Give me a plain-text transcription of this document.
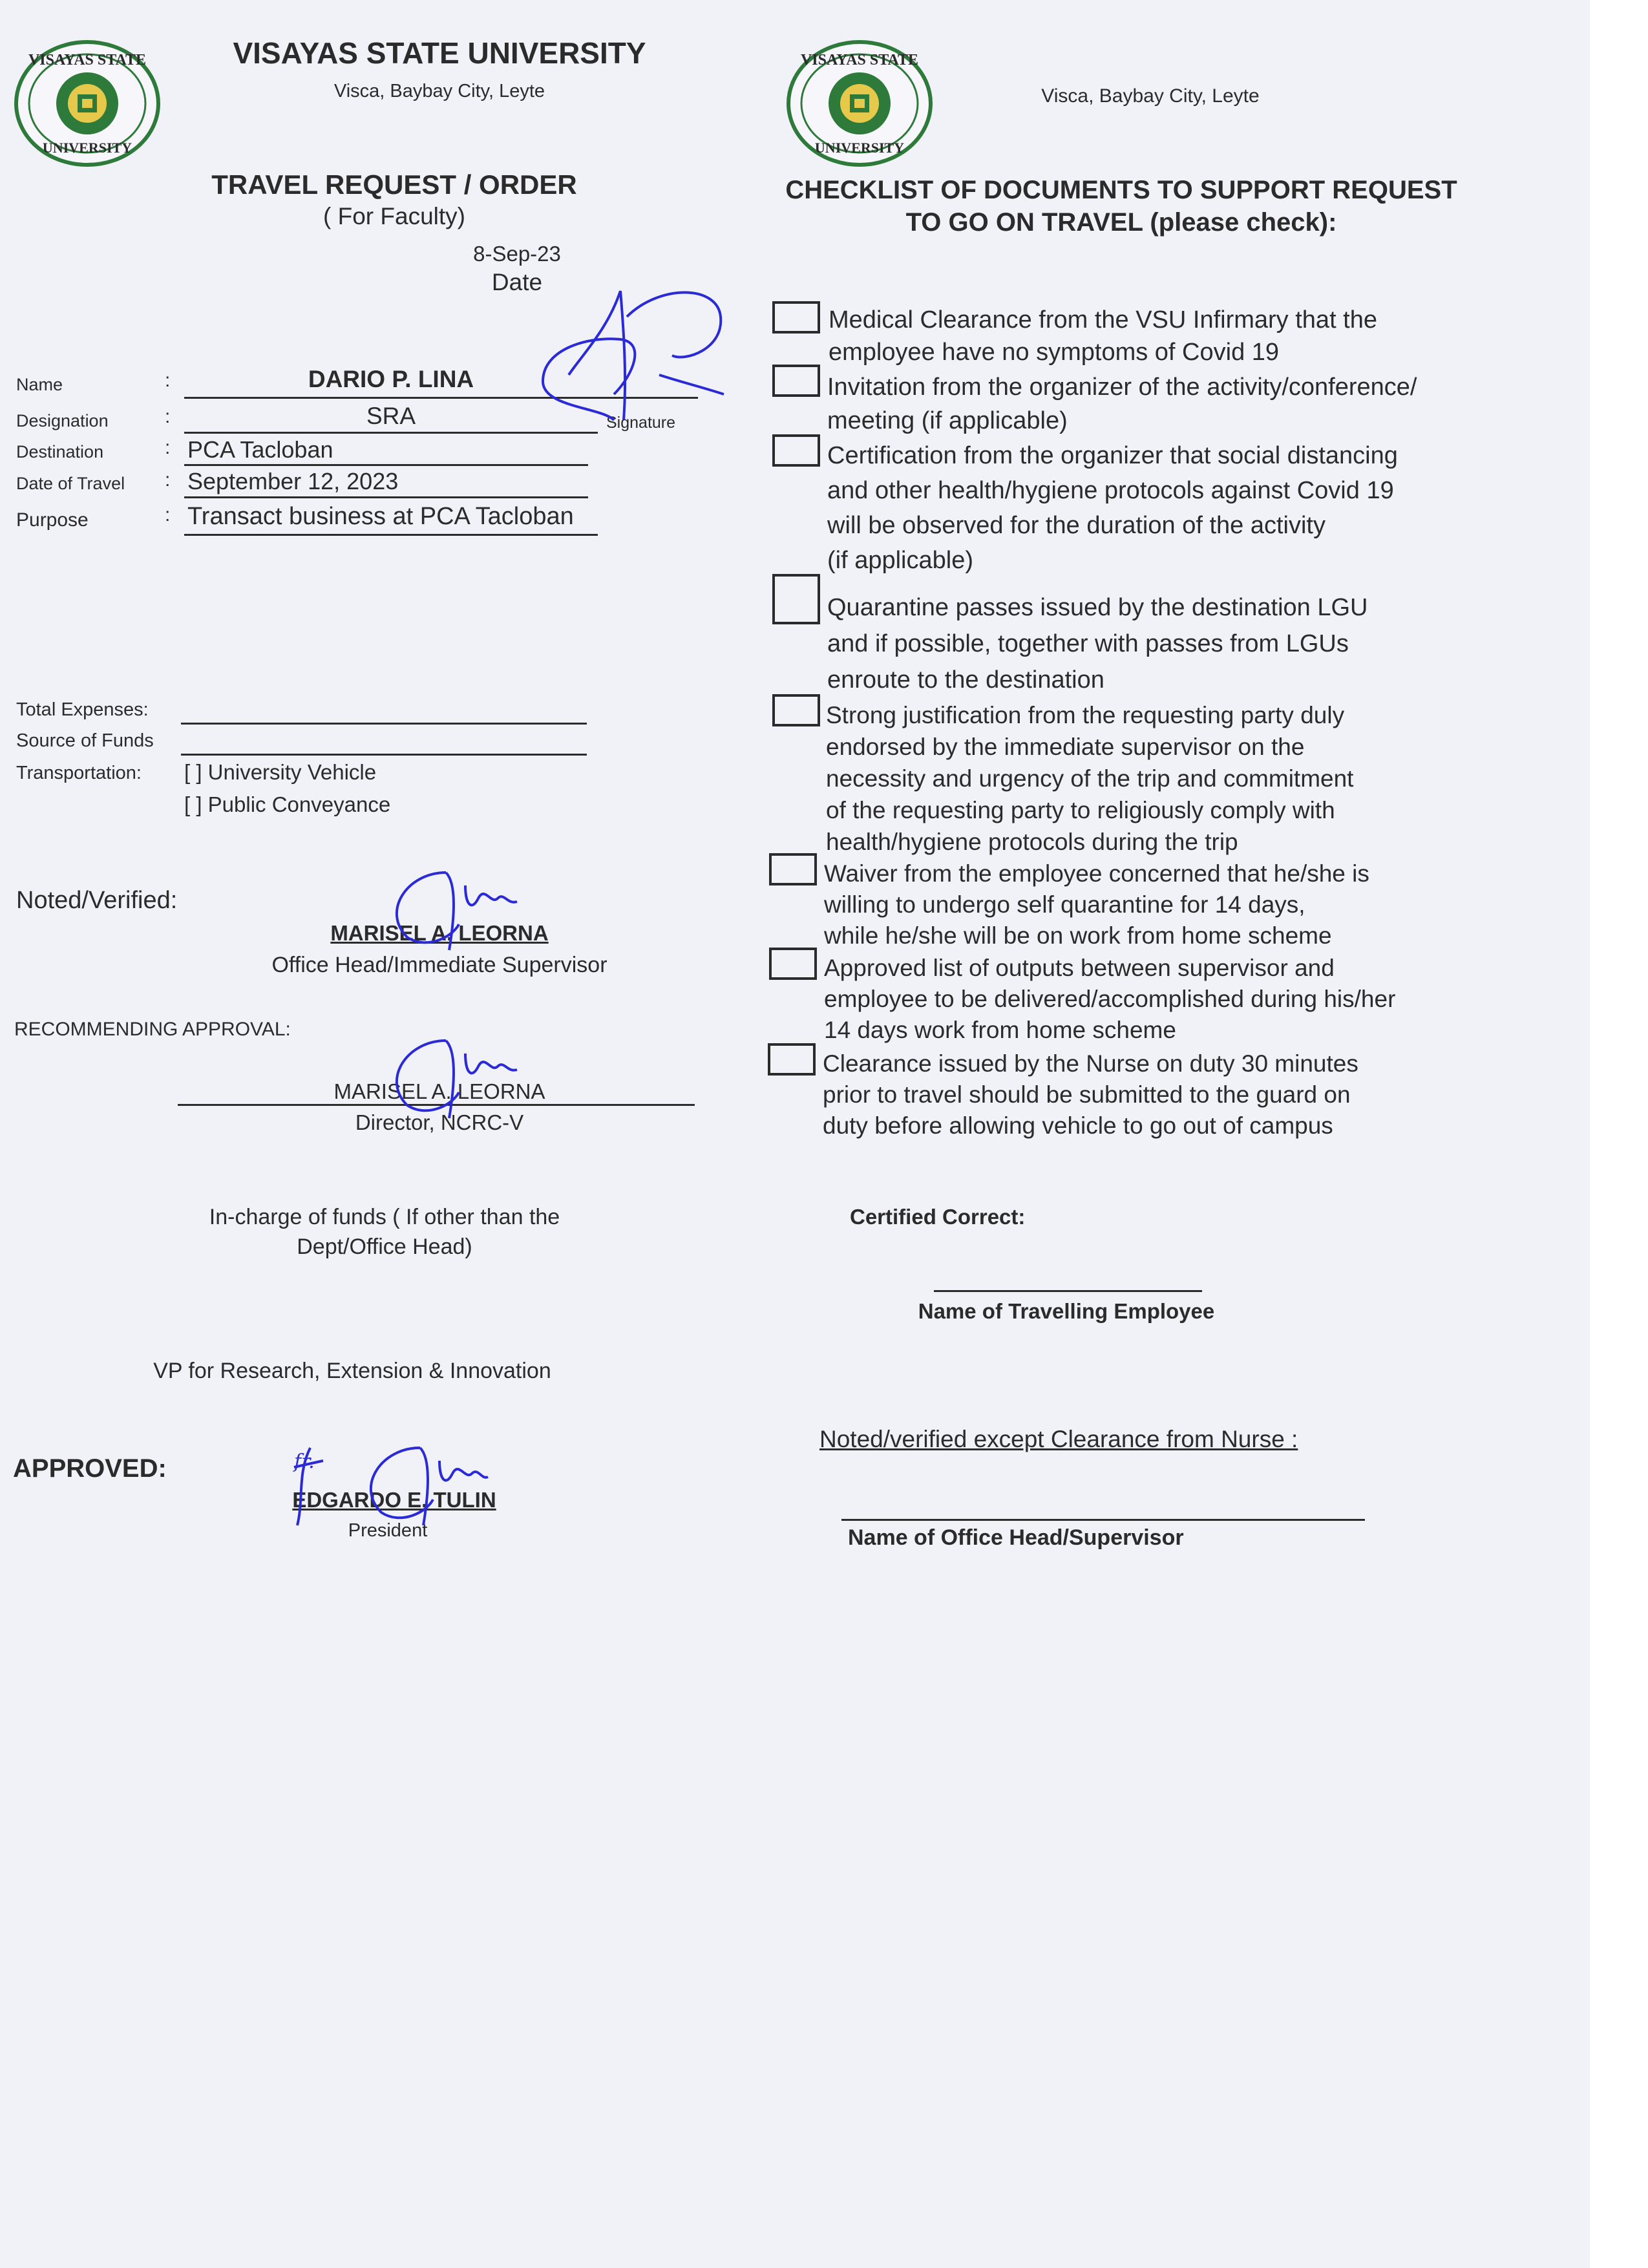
VISAYAS STATE
UNIVERSITY
VISAYAS STATE UNIVERSITY
Visca, Baybay City, Leyte
TRAVEL REQUEST / ORDER
( For Faculty)
8-Sep-23
Date
Name
Designation
Destination
Date of Travel
Purpose
:
:
:
:
:
DARIO P. LINA
SRA
PCA Tacloban
September 12, 2023
Transact business at PCA Tacloban
Signature
Total Expenses:
Source of Funds
Transportation: [ ] University Vehicle
[ ] Public Conveyance
Noted/Verified:
MARISEL A. LEORNA
Office Head/Immediate Supervisor
RECOMMENDING APPROVAL:
MARISEL A. LEORNA
Director, NCRC-V
In-charge of funds ( If other than the
Dept/Office Head)
VP for Research, Extension & Innovation
APPROVED:
EDGARDO E. TULIN
President
VISAYAS STATE
UNIVERSITY
Visca, Baybay City, Leyte
CHECKLIST OF DOCUMENTS TO SUPPORT REQUEST
TO GO ON TRAVEL (please check):
Medical Clearance from the VSU Infirmary that the
employee have no symptoms of Covid 19
Invitation from the organizer of the activity/conference/
meeting (if applicable)
Certification from the organizer that social distancing
and other health/hygiene protocols against Covid 19
will be observed for the duration of the activity
(if applicable)
Quarantine passes issued by the destination LGU
and if possible, together with passes from LGUs
enroute to the destination
Strong justification from the requesting party duly
endorsed by the immediate supervisor on the
necessity and urgency of the trip and commitment
of the requesting party to religiously comply with
health/hygiene protocols during the trip
Waiver from the employee concerned that he/she is
willing to undergo self quarantine for 14 days,
while he/she will be on work from home scheme
Approved list of outputs between supervisor and
employee to be delivered/accomplished during his/her
14 days work from home scheme
Clearance issued by the Nurse on duty 30 minutes
prior to travel should be submitted to the guard on
duty before allowing vehicle to go out of campus
Certified Correct:
Name of Travelling Employee
Noted/verified except Clearance from Nurse :
Name of Office Head/Supervisor
fr.
